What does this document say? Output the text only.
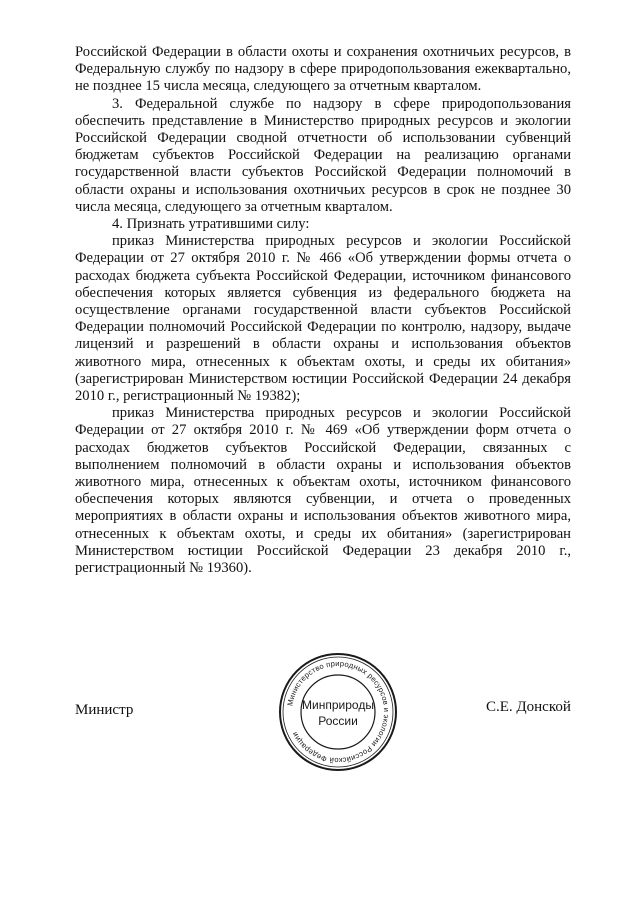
Российской Федерации в области охоты и сохранения охотничьих ресурсов, в Федеральную службу по надзору в сфере природопользования ежеквартально, не позднее 15 числа месяца, следующего за отчетным кварталом.

3. Федеральной службе по надзору в сфере природопользования обеспечить представление в Министерство природных ресурсов и экологии Российской Федерации сводной отчетности об использовании субвенций бюджетам субъектов Российской Федерации на реализацию органами государственной власти субъектов Российской Федерации полномочий в области охраны и использования охотничьих ресурсов в срок не позднее 30 числа месяца, следующего за отчетным кварталом.

4. Признать утратившими силу:

приказ Министерства природных ресурсов и экологии Российской Федерации от 27 октября 2010 г. № 466 «Об утверждении формы отчета о расходах бюджета субъекта Российской Федерации, источником финансового обеспечения которых является субвенция из федерального бюджета на осуществление органами государственной власти субъектов Российской Федерации полномочий Российской Федерации по контролю, надзору, выдаче лицензий и разрешений в области охраны и использования объектов животного мира, отнесенных к объектам охоты, и среды их обитания» (зарегистрирован Министерством юстиции Российской Федерации 24 декабря 2010 г., регистрационный № 19382);

приказ Министерства природных ресурсов и экологии Российской Федерации от 27 октября 2010 г. № 469 «Об утверждении форм отчета о расходах бюджетов субъектов Российской Федерации, связанных с выполнением полномочий в области охраны и использования объектов животного мира, отнесенных к объектам охоты, источником финансового обеспечения которых являются субвенции, и отчета о проведенных мероприятиях в области охраны и использования объектов животного мира, отнесенных к объектам охоты, и среды их обитания» (зарегистрирован Министерством юстиции Российской Федерации 23 декабря 2010 г., регистрационный № 19360).

Министр	Министерство природных ресурсов и экологии Российской Федерации
Минприроды
России
С.Е. Донской
